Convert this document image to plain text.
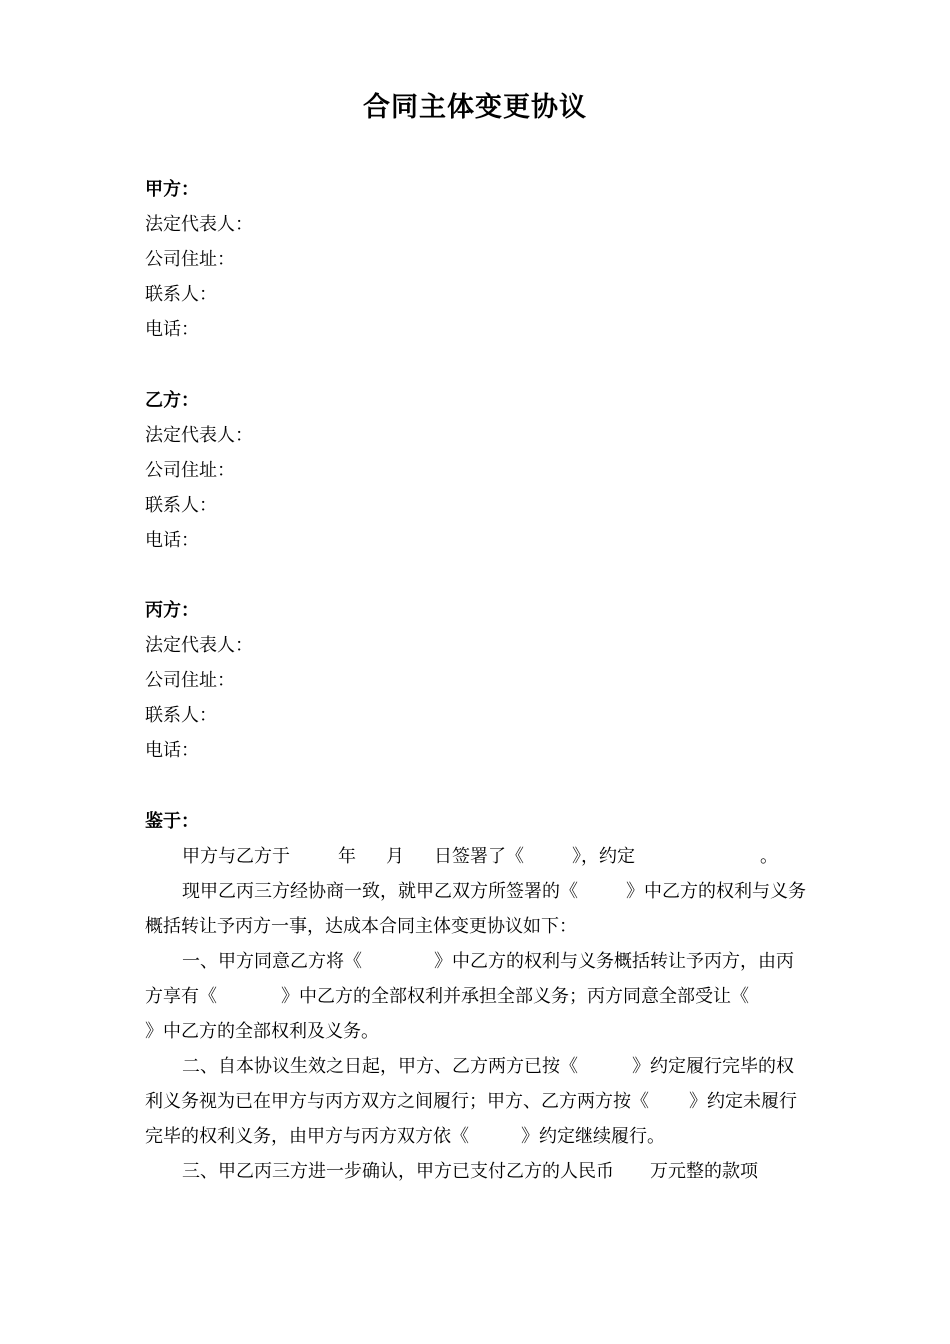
合同主体变更协议
甲方：
法定代表人：
公司住址：
联系人：
电话：
乙方：
法定代表人：
公司住址：
联系人：
电话：
丙方：
法定代表人：
公司住址：
联系人：
电话：
鉴于：

甲方与乙方于	年 月 日签署了《	》，约定	。

现甲乙丙三方经协商一致，就甲乙双方所签署的《	》中乙方的权利与义务概括转让予丙方一事，达成本合同主体变更协议如下：

一、甲方同意乙方将《	》中乙方的权利与义务概括转让予丙方，由丙方享有《	》中乙方的全部权利并承担全部义务；丙方同意全部受让《》中乙方的全部权利及义务。

二、自本协议生效之日起，甲方、乙方两方已按《	》约定履行完毕的权利义务视为已在甲方与丙方双方之间履行；甲方、乙方两方按《 》约定未履行完毕的权利义务，由甲方与丙方双方依《	》约定继续履行。

三、甲乙丙三方进一步确认，甲方已支付乙方的人民币 万元整的款项
